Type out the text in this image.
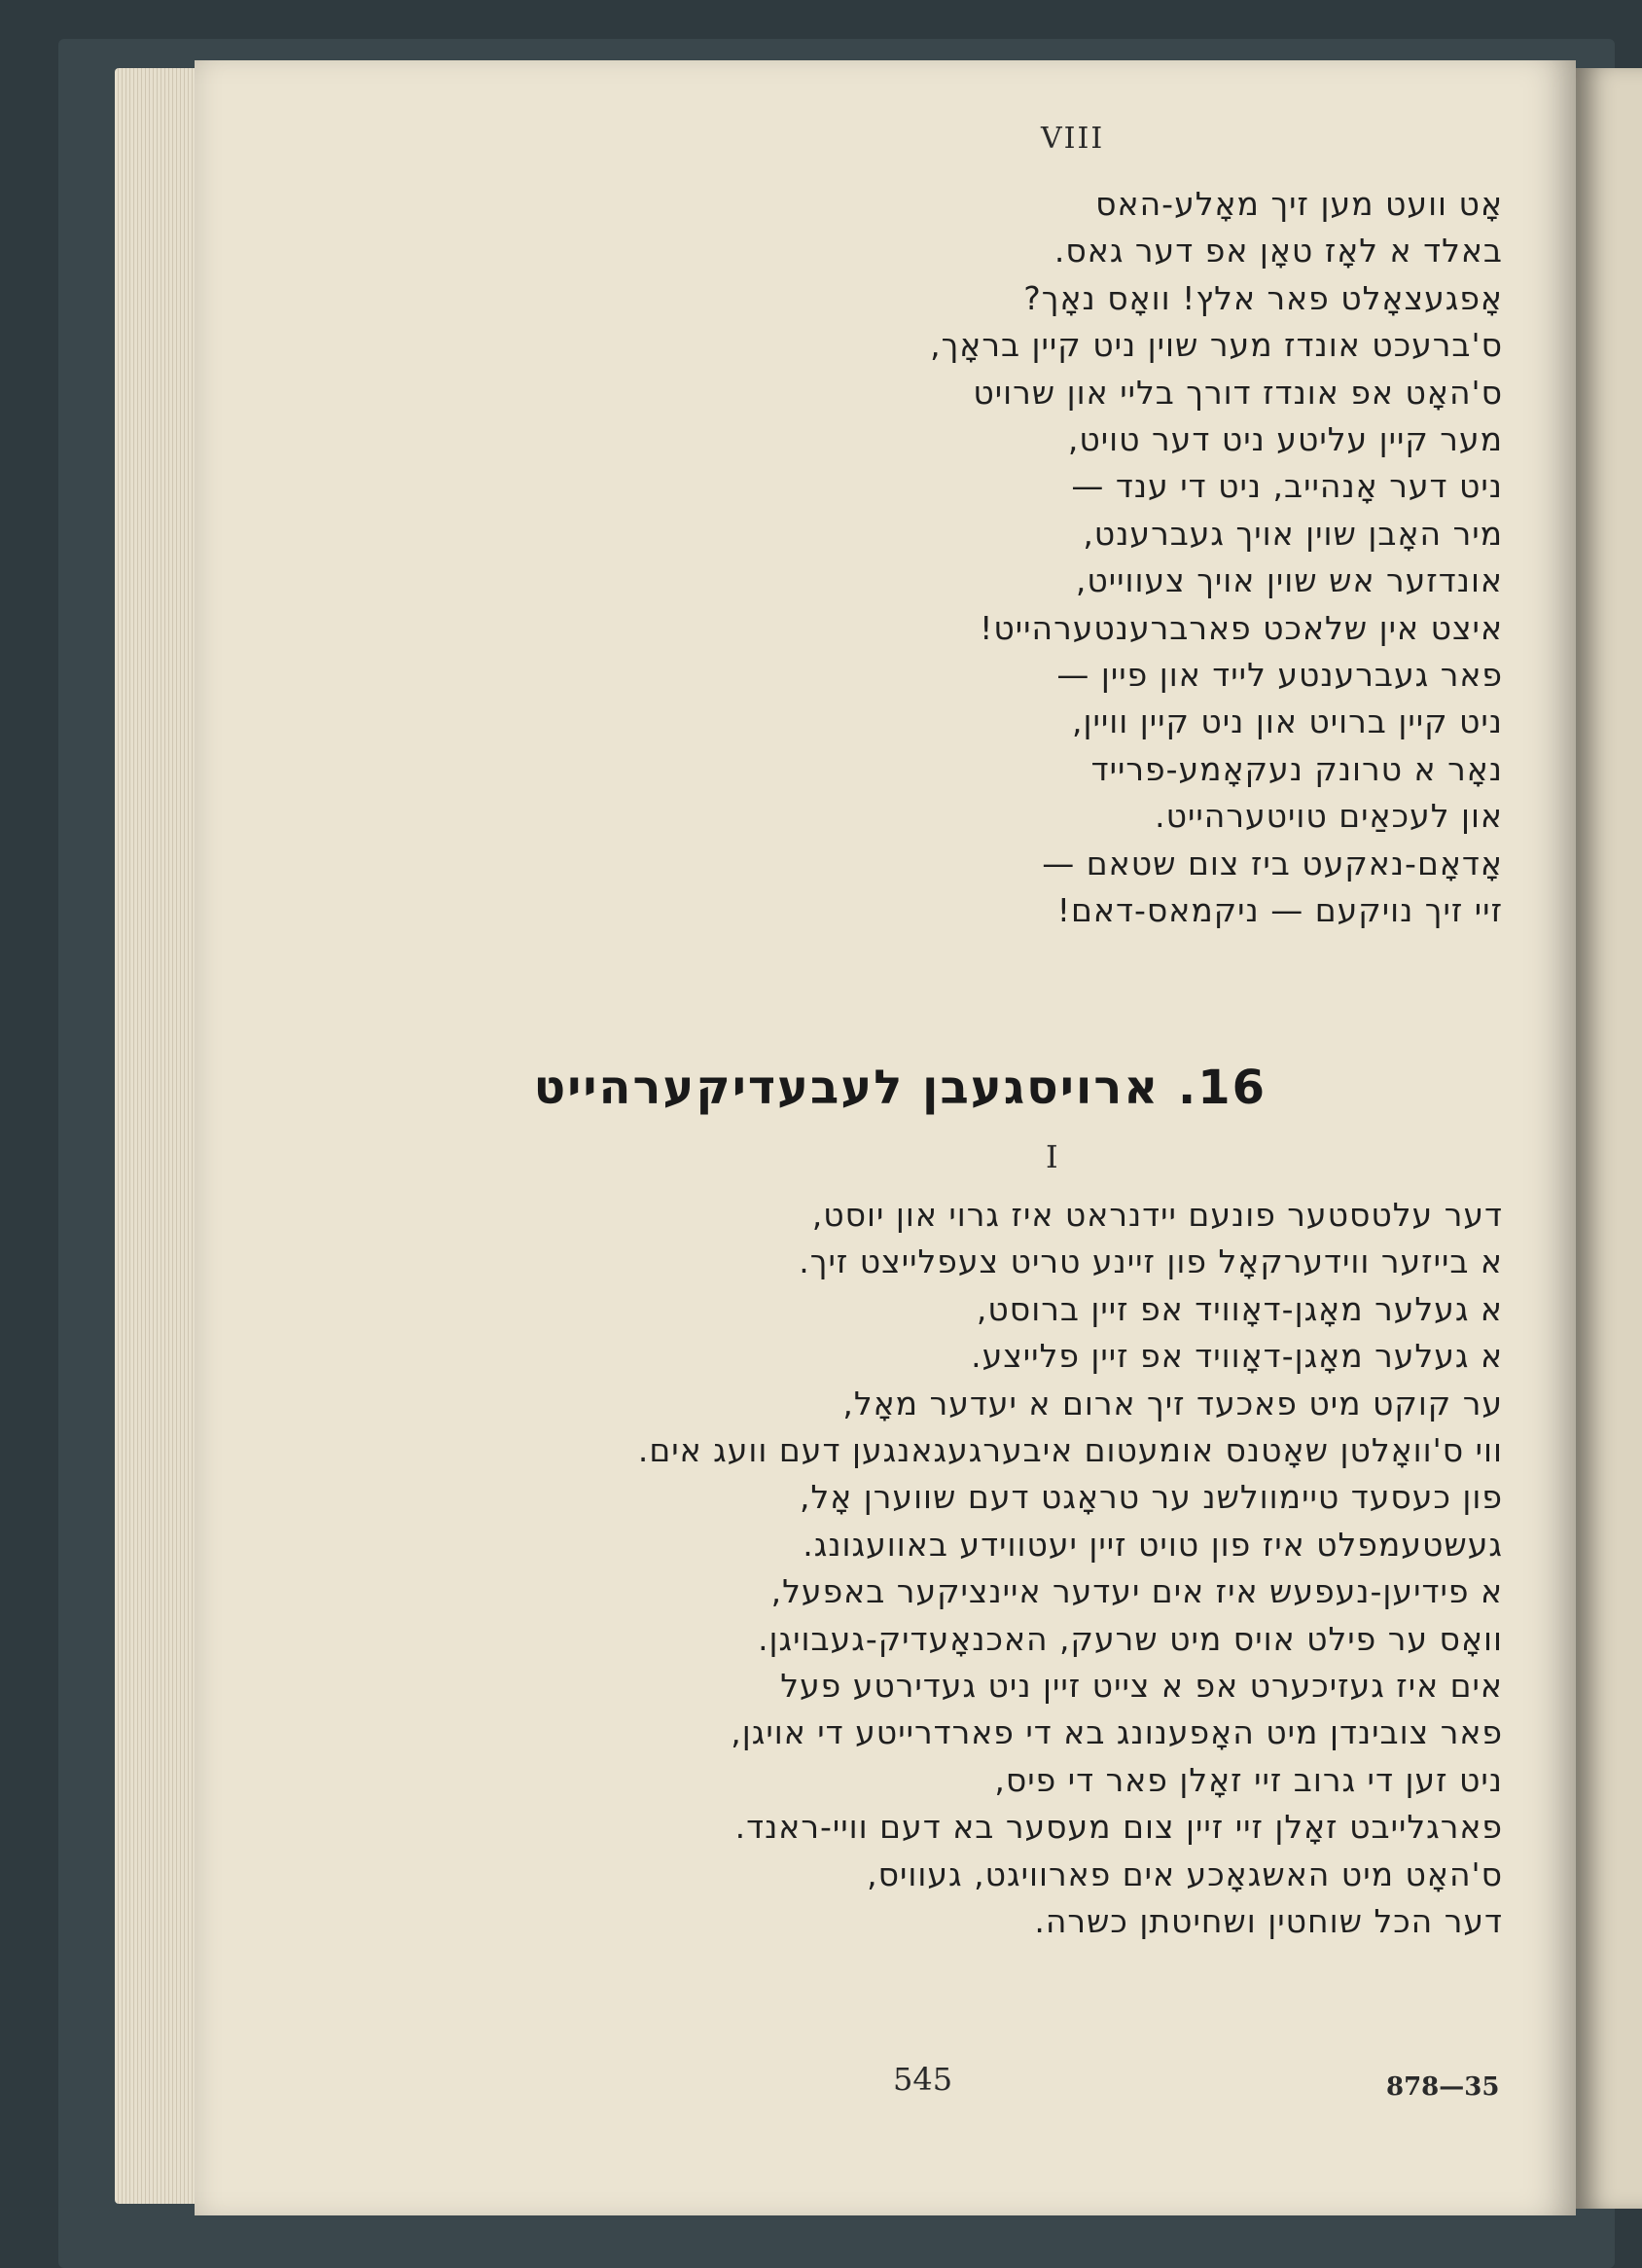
VIII
אָט וועט מען זיך מאָלע-האס
באלד א לאָז טאָן אפ דער גאס.
אָפגעצאָלט פאר אלץ! וואָס נאָך?
ס'ברעכט אונדז מער שוין ניט קיין בראָך,
ס'האָט אפ אונדז דורך בליי און שרויט
מער קיין עליטע ניט דער טויט,
ניט דער אָנהייב, ניט די ענד —
מיר האָבן שוין אויך געברענט,
אונדזער אש שוין אויך צעווייט,
איצט אין שלאכט פארברענטערהייט!
פאר געברענטע לייד און פיין —
ניט קיין ברויט און ניט קיין וויין,
נאָר א טרונק נעקאָמע-פרייד
און לעכאַים טויטערהייט.
אָדאָם-נאקעט ביז צום שטאם —
זיי זיך נויקעם — ניקמאס-דאם!
16. ארויסגעבן לעבעדיקערהייט
I
דער עלטסטער פונעם יידנראט איז גרוי און יוסט,
א בייזער ווידערקאָל פון זיינע טריט צעפלייצט זיך.
א געלער מאָגן-דאָוויד אפ זיין ברוסט,
א געלער מאָגן-דאָוויד אפ זיין פלייצע.
ער קוקט מיט פאכעד זיך ארום א יעדער מאָל,
ווי ס'וואָלטן שאָטנס אומעטום איבערגעגאנגען דעם וועג אים.
פון כעסעד טיימוולשנ ער טראָגט דעם שווערן אָל,
געשטעמפלט איז פון טויט זיין יעטווידע באוועגונג.
א פידיען-נעפעש איז אים יעדער איינציקער באפעל,
וואָס ער פילט אויס מיט שרעק, האכנאָעדיק-געבויגן.
אים איז געזיכערט אפ א צייט זיין ניט געדירטע פעל
פאר צובינדן מיט האָפענונג בא די פארדרייטע די אויגן,
ניט זען די גרוב זיי זאָלן פאר די פיס,
פארגלייבט זאָלן זיי זיין צום מעסער בא דעם וויי-ראנד.
ס'האָט מיט האשגאָכע אים פארוויגט, געוויס,
דער הכל שוחטין ושחיטתן כשרה.
545	878—35
